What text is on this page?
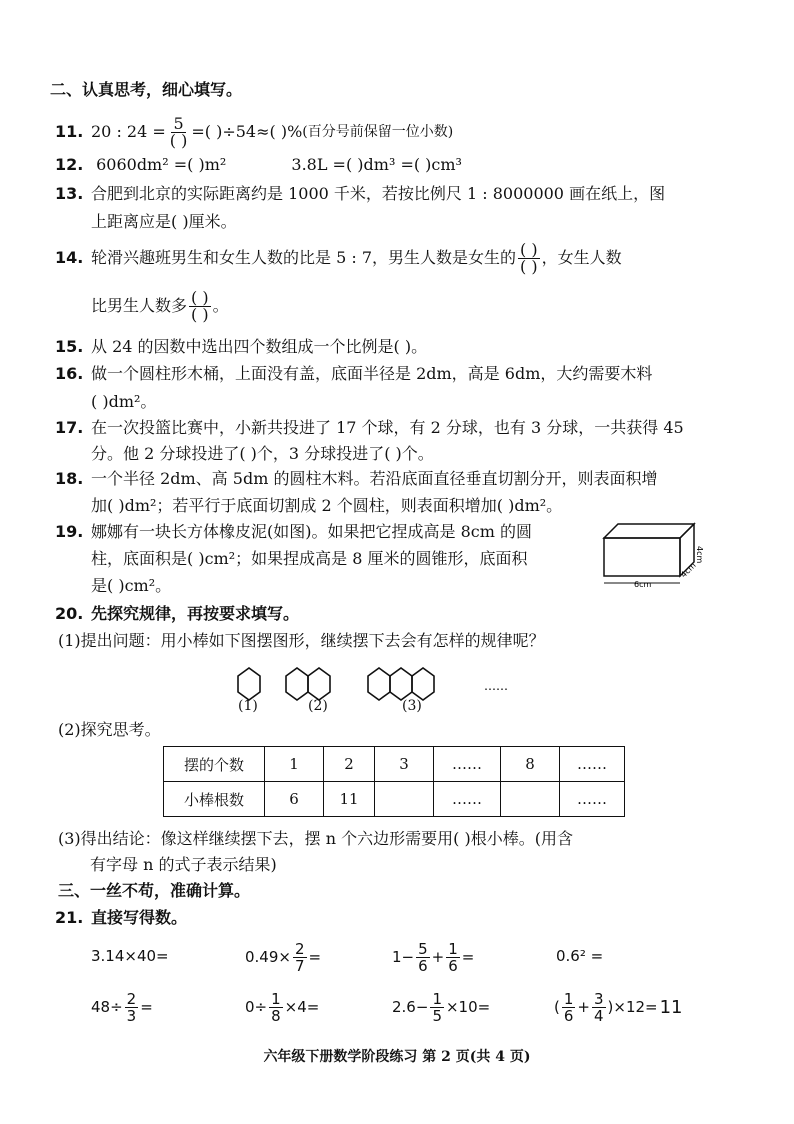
二、认真思考，细心填写。
11. 20 : $24 = \frac{5}{( )}$ =( )÷54≈( )% (百分号前保留一位小数)
12. 6060dm² =( )m²	3.8L =( )dm³ =( )cm³
13. 合肥到北京的实际距离约是 1000 千米，若按比例尺 1 : 8000000 画在纸上，图
上距离应是( )厘米。
14. 轮滑兴趣班男生和女生人数的比是 5 : 7，男生人数是女生的 $\frac{( )}{( )}$ ，女生人数
比男生人数多 $\frac{( )}{( )}$ 。
15. 从 24 的因数中选出四个数组成一个比例是( )。
16. 做一个圆柱形木桶，上面没有盖，底面半径是 2dm，高是 6dm，大约需要木料
( )dm²。
17. 在一次投篮比赛中，小新共投进了 17 个球，有 2 分球，也有 3 分球，一共获得 45
分。他 2 分球投进了( )个，3 分球投进了( )个。
18. 一个半径 2dm、高 5dm 的圆柱木料。若沿底面直径垂直切割分开，则表面积增
加( )dm²；若平行于底面切割成 2 个圆柱，则表面积增加( )dm²。
19. 娜娜有一块长方体橡皮泥(如图)。如果把它捏成高是 8cm 的圆
柱，底面积是( )cm²；如果捏成高是 8 厘米的圆锥形，底面积
是( )cm²。	6cm
4cm
4cm
20. 先探究规律，再按要求填写。
(1)提出问题：用小棒如下图摆图形，继续摆下去会有怎样的规律呢？
……
(1)	(2)	(3)
(2)探究思考。
摆的个数	1	2	3	……	8	……
小棒根数	6	11		……		……
(3)得出结论：像这样继续摆下去，摆 n 个六边形需要用( )根小棒。(用含
有字母 n 的式子表示结果)
三、一丝不苟，准确计算。
21. 直接写得数。
3.14×40=	$0.49\times \frac{2}{7}$ =	$1- \frac{5}{6} + \frac{1}{6}$ =	0.6² =
$48\div \frac{2}{3}$ =	$0\div \frac{1}{8} \times 4=$	$2.6- \frac{1}{5} \times 10=$	( $\frac{1}{6} + \frac{3}{4} )\times 12= 11$
六年级下册数学阶段练习 第 2 页(共 4 页)
